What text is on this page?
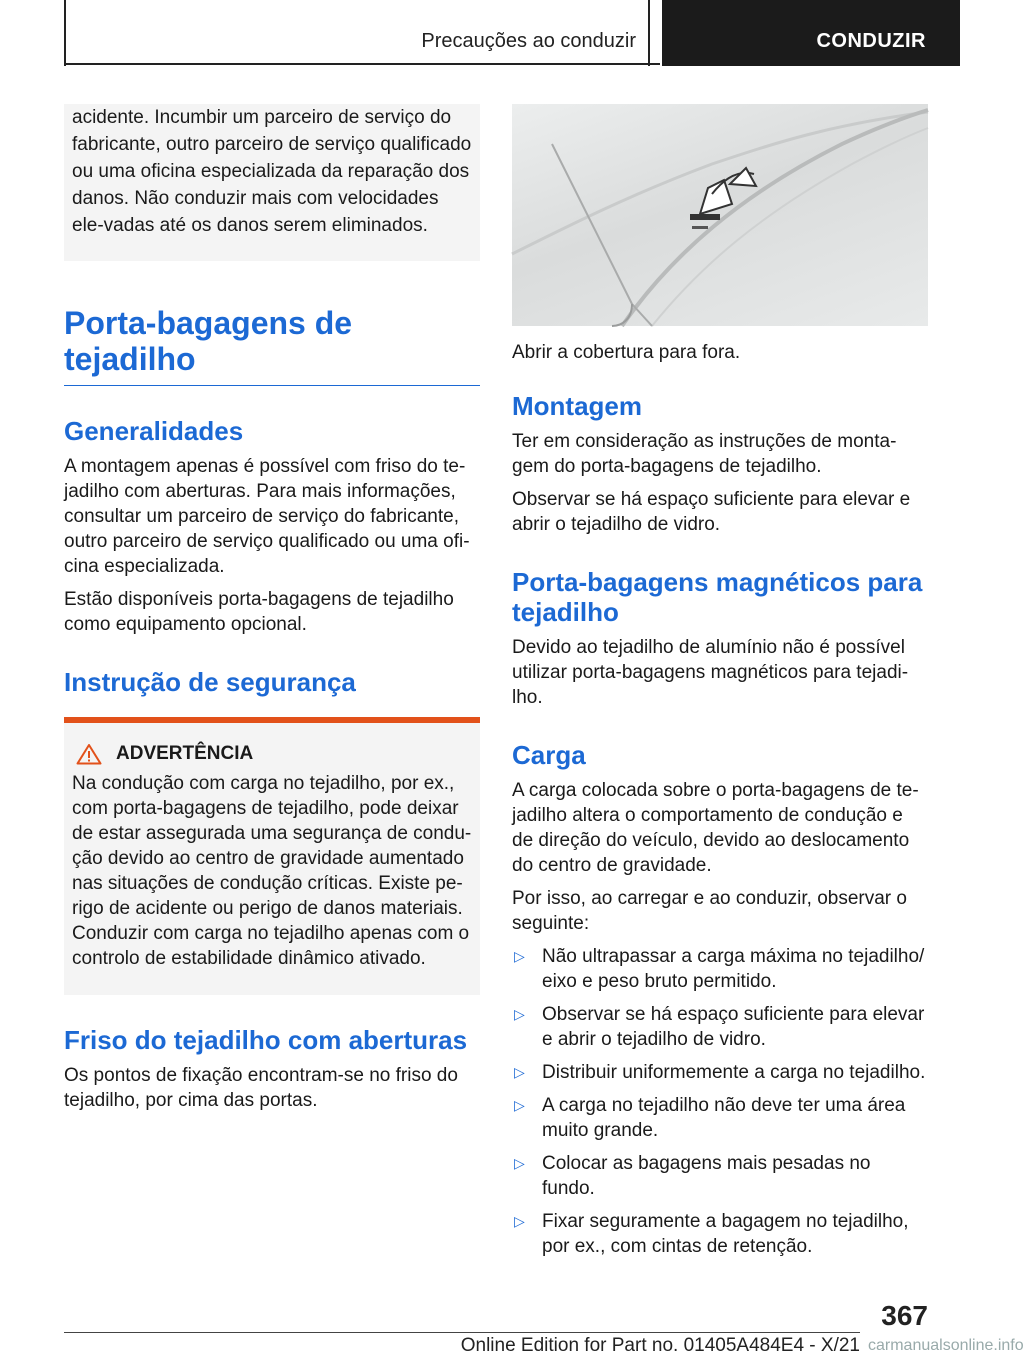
Precauções ao conduzir	CONDUZIR

acidente. Incumbir um parceiro de serviço do fabricante, outro parceiro de serviço qualificado ou uma oficina especializada da reparação dos danos. Não conduzir mais com velocidades ele‐vadas até os danos serem eliminados.

Porta-bagagens de tejadilho
Generalidades

A montagem apenas é possível com friso do te‐jadilho com aberturas. Para mais informações, consultar um parceiro de serviço do fabricante, outro parceiro de serviço qualificado ou uma ofi‐cina especializada.

Estão disponíveis porta-bagagens de tejadilho como equipamento opcional.

Instrução de segurança
ADVERTÊNCIA

Na condução com carga no tejadilho, por ex., com porta-bagagens de tejadilho, pode deixar de estar assegurada uma segurança de condu‐ção devido ao centro de gravidade aumentado nas situações de condução críticas. Existe pe‐rigo de acidente ou perigo de danos materiais. Conduzir com carga no tejadilho apenas com o controlo de estabilidade dinâmico ativado.

Friso do tejadilho com aberturas

Os pontos de fixação encontram-se no friso do tejadilho, por cima das portas.

Abrir a cobertura para fora.

Montagem

Ter em consideração as instruções de monta‐gem do porta-bagagens de tejadilho.

Observar se há espaço suficiente para elevar e abrir o tejadilho de vidro.

Porta-bagagens magnéticos para tejadilho

Devido ao tejadilho de alumínio não é possível utilizar porta-bagagens magnéticos para tejadi‐lho.

Carga

A carga colocada sobre o porta-bagagens de te‐jadilho altera o comportamento de condução e de direção do veículo, devido ao deslocamento do centro de gravidade.

Por isso, ao carregar e ao conduzir, observar o seguinte:

▷ Não ultrapassar a carga máxima no tejadilho/ eixo e peso bruto permitido.
▷ Observar se há espaço suficiente para elevar e abrir o tejadilho de vidro.
▷ Distribuir uniformemente a carga no tejadilho.
▷ A carga no tejadilho não deve ter uma área muito grande.
▷ Colocar as bagagens mais pesadas no fundo.
▷ Fixar seguramente a bagagem no tejadilho, por ex., com cintas de retenção.
367
Online Edition for Part no. 01405A484E4 - X/21 carmanualsonline.info
